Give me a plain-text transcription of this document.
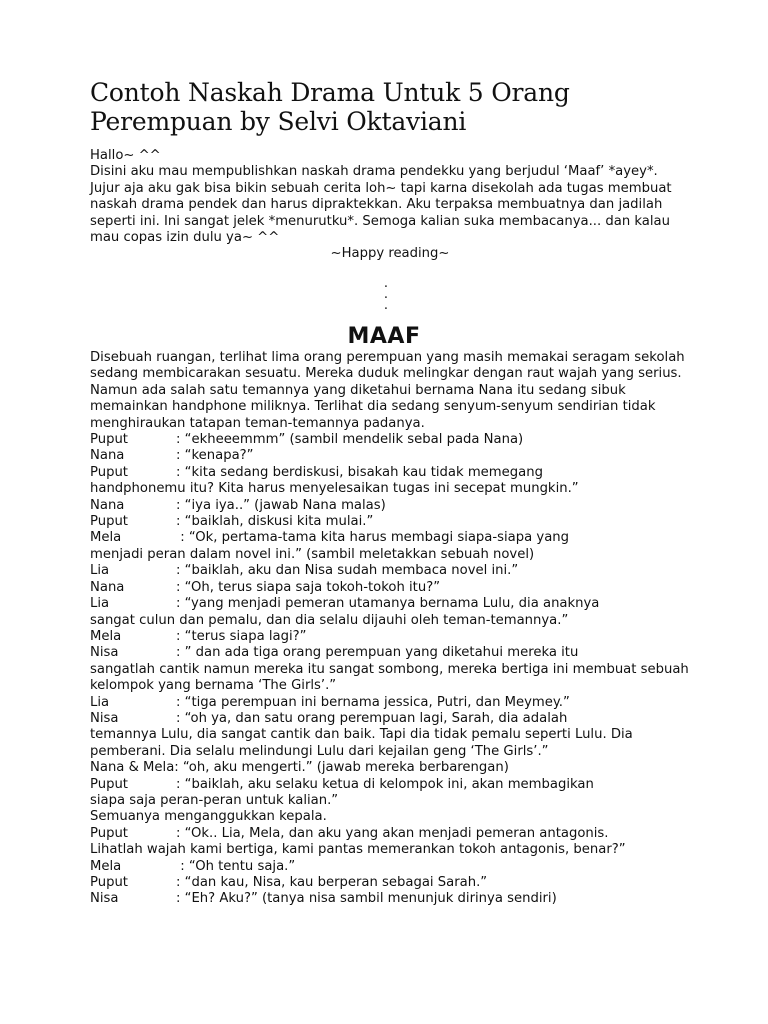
Contoh Naskah Drama Untuk 5 Orang Perempuan by Selvi Oktaviani

Hallo~ ^^

Disini aku mau mempublishkan naskah drama pendekku yang berjudul ‘Maaf’ *ayey*. Jujur aja aku gak bisa bikin sebuah cerita loh~ tapi karna disekolah ada tugas membuat naskah drama pendek dan harus dipraktekkan. Aku terpaksa membuatnya dan jadilah seperti ini. Ini sangat jelek *menurutku*. Semoga kalian suka membacanya... dan kalau mau copas izin dulu ya~ ^^

~Happy reading~

.
.
.
MAAF

Disebuah ruangan, terlihat lima orang perempuan yang masih memakai seragam sekolah sedang membicarakan sesuatu. Mereka duduk melingkar dengan raut wajah yang serius. Namun ada salah satu temannya yang diketahui bernama Nana itu sedang sibuk memainkan handphone miliknya. Terlihat dia sedang senyum-senyum sendirian tidak menghiraukan tatapan teman-temannya padanya.

Puput	: “ekheeemmm” (sambil mendelik sebal pada Nana)
Nana	: “kenapa?”
Puput	: “kita sedang berdiskusi, bisakah kau tidak memegang

handphonemu itu? Kita harus menyelesaikan tugas ini secepat mungkin.”

Nana	: “iya iya..” (jawab Nana malas)
Puput	: “baiklah, diskusi kita mulai.”
Mela	: “Ok, pertama-tama kita harus membagi siapa-siapa yang

menjadi peran dalam novel ini.” (sambil meletakkan sebuah novel)

Lia	: “baiklah, aku dan Nisa sudah membaca novel ini.”
Nana	: “Oh, terus siapa saja tokoh-tokoh itu?”
Lia	: “yang menjadi pemeran utamanya bernama Lulu, dia anaknya

sangat culun dan pemalu, dan dia selalu dijauhi oleh teman-temannya.”

Mela	: “terus siapa lagi?”
Nisa	: ” dan ada tiga orang perempuan yang diketahui mereka itu

sangatlah cantik namun mereka itu sangat sombong, mereka bertiga ini membuat sebuah kelompok yang bernama ‘The Girls’.”

Lia	: “tiga perempuan ini bernama jessica, Putri, dan Meymey.”
Nisa	: “oh ya, dan satu orang perempuan lagi, Sarah, dia adalah

temannya Lulu, dia sangat cantik dan baik. Tapi dia tidak pemalu seperti Lulu. Dia pemberani. Dia selalu melindungi Lulu dari kejailan geng ‘The Girls’.”

Nana & Mela: “oh, aku mengerti.” (jawab mereka berbarengan)

Puput	: “baiklah, aku selaku ketua di kelompok ini, akan membagikan

siapa saja peran-peran untuk kalian.”

Semuanya menganggukkan kepala.

Puput	: “Ok.. Lia, Mela, dan aku yang akan menjadi pemeran antagonis.

Lihatlah wajah kami bertiga, kami pantas memerankan tokoh antagonis, benar?”

Mela	: “Oh tentu saja.”
Puput	: “dan kau, Nisa, kau berperan sebagai Sarah.”
Nisa	: “Eh? Aku?” (tanya nisa sambil menunjuk dirinya sendiri)
